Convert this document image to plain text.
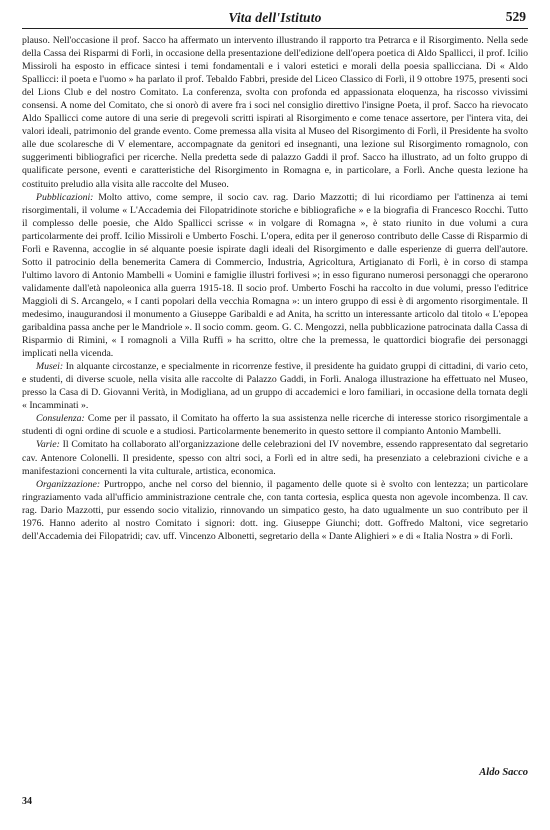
Vita dell'Istituto	529

plauso. Nell'occasione il prof. Sacco ha affermato un intervento illustrando il rapporto tra Petrarca e il Risorgimento. Nella sede della Cassa dei Risparmi di Forlì, in occasione della presentazione dell'edizione dell'opera poetica di Aldo Spallicci, il prof. Icilio Missiroli ha esposto in efficace sintesi i temi fondamentali e i valori estetici e morali della poesia spallicciana. Di « Aldo Spallicci: il poeta e l'uomo » ha parlato il prof. Tebaldo Fabbri, preside del Liceo Classico di Forlì, il 9 ottobre 1975, presenti soci del Lions Club e del nostro Comitato. La conferenza, svolta con profonda ed appassionata eloquenza, ha riscosso vivissimi consensi. A nome del Comitato, che si onorò di avere fra i soci nel consiglio direttivo l'insigne Poeta, il prof. Sacco ha rievocato Aldo Spallicci come autore di una serie di pregevoli scritti ispirati al Risorgimento e come tenace assertore, per l'intera vita, dei valori ideali, patrimonio del grande evento. Come premessa alla visita al Museo del Risorgimento di Forlì, il Presidente ha svolto alle due scolaresche di V elementare, accompagnate da genitori ed insegnanti, una lezione sul Risorgimento romagnolo, con suggerimenti bibliografici per ricerche. Nella predetta sede di palazzo Gaddi il prof. Sacco ha illustrato, ad un folto gruppo di qualificate persone, eventi e caratteristiche del Risorgimento in Romagna e, in particolare, a Forlì. Anche questa lezione ha costituito preludio alla visita alle raccolte del Museo.

Pubblicazioni: Molto attivo, come sempre, il socio cav. rag. Dario Mazzotti; di lui ricordiamo per l'attinenza ai temi risorgimentali, il volume « L'Accademia dei Filopatridinote storiche e bibliografiche » e la biografia di Francesco Rocchi. Tutto il complesso delle poesie, che Aldo Spallicci scrisse « in volgare di Romagna », è stato riunito in due volumi a cura particolarmente dei proff. Icilio Missiroli e Umberto Foschi. L'opera, edita per il generoso contributo delle Casse di Risparmio di Forlì e Ravenna, accoglie in sé alquante poesie ispirate dagli ideali del Risorgimento e dalle esperienze di guerra dell'autore. Sotto il patrocinio della benemerita Camera di Commercio, Industria, Agricoltura, Artigianato di Forlì, è in corso di stampa l'ultimo lavoro di Antonio Mambelli « Uomini e famiglie illustri forlivesi »; in esso figurano numerosi personaggi che operarono validamente dall'età napoleonica alla guerra 1915-18. Il socio prof. Umberto Foschi ha raccolto in due volumi, presso l'editrice Maggioli di S. Arcangelo, « I canti popolari della vecchia Romagna »: un intero gruppo di essi è di argomento risorgimentale. Il medesimo, inaugurandosi il monumento a Giuseppe Garibaldi e ad Anita, ha scritto un interessante articolo dal titolo « L'epopea garibaldina passa anche per le Mandriole ». Il socio comm. geom. G. C. Mengozzi, nella pubblicazione patrocinata dalla Cassa di Risparmio di Rimini, « I romagnoli a Villa Ruffi » ha scritto, oltre che la premessa, le quattordici biografie dei personaggi implicati nella vicenda.

Musei: In alquante circostanze, e specialmente in ricorrenze festive, il presidente ha guidato gruppi di cittadini, di vario ceto, e studenti, di diverse scuole, nella visita alle raccolte di Palazzo Gaddi, in Forlì. Analoga illustrazione ha effettuato nel Museo, presso la Casa di D. Giovanni Verità, in Modigliana, ad un gruppo di accademici e loro familiari, in occasione della tornata degli « Incamminati ».

Consulenza: Come per il passato, il Comitato ha offerto la sua assistenza nelle ricerche di interesse storico risorgimentale a studenti di ogni ordine di scuole e a studiosi. Particolarmente benemerito in questo settore il compianto Antonio Mambelli.

Varie: Il Comitato ha collaborato all'organizzazione delle celebrazioni del IV novembre, essendo rappresentato dal segretario cav. Antenore Colonelli. Il presidente, spesso con altri soci, a Forlì ed in altre sedi, ha presenziato a celebrazioni civiche e a manifestazioni concernenti la vita culturale, artistica, economica.

Organizzazione: Purtroppo, anche nel corso del biennio, il pagamento delle quote si è svolto con lentezza; un particolare ringraziamento vada all'ufficio amministrazione centrale che, con tanta cortesia, esplica questa non agevole incombenza. Il cav. rag. Dario Mazzotti, pur essendo socio vitalizio, rinnovando un simpatico gesto, ha dato ugualmente un suo contributo per il 1976. Hanno aderito al nostro Comitato i signori: dott. ing. Giuseppe Giunchi; dott. Goffredo Maltoni, vice segretario dell'Accademia dei Filopatridi; cav. uff. Vincenzo Albonetti, segretario della « Dante Alighieri » e di « Italia Nostra » di Forlì.

Aldo Sacco
34
